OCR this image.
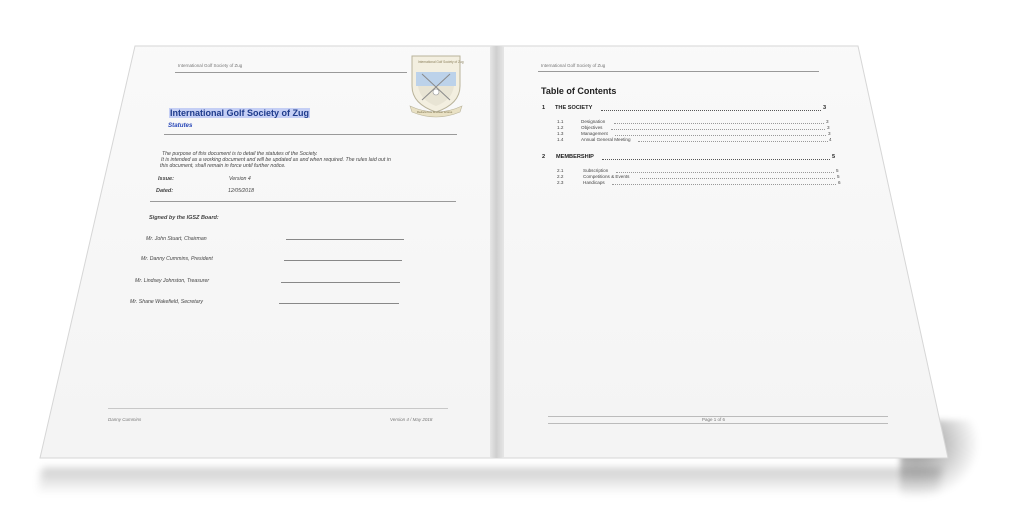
International Golf Society of Zug
International Golf Society of Zug
Reduce fore & Lower scores
International Golf Society of Zug
Statutes
The purpose of this document is to detail the statutes of the Society.
It is intended as a working document and will be updated as and when required. The rules laid out in
this document, shall remain in force until further notice.
Issue:	Version 4
Dated:	12/05/2018
Signed by the IGSZ Board:
Mr. John Stuart, Chairman
Mr. Danny Cummins, President
Mr. Lindsey Johnston, Treasurer
Mr. Shane Wakefield, Secretary
Danny Cummins	Version 4 / May 2018
International Golf Society of Zug
Table of Contents
1 THE SOCIETY	3
1.1	Designation	3
1.2	Objectives	3
1.3	Management	3
1.4	Annual General Meeting	4
2 MEMBERSHIP	5
2.1	Subscription	5
2.2	Competitions & Events	5
2.3	Handicaps	6
Page 1 of 6
